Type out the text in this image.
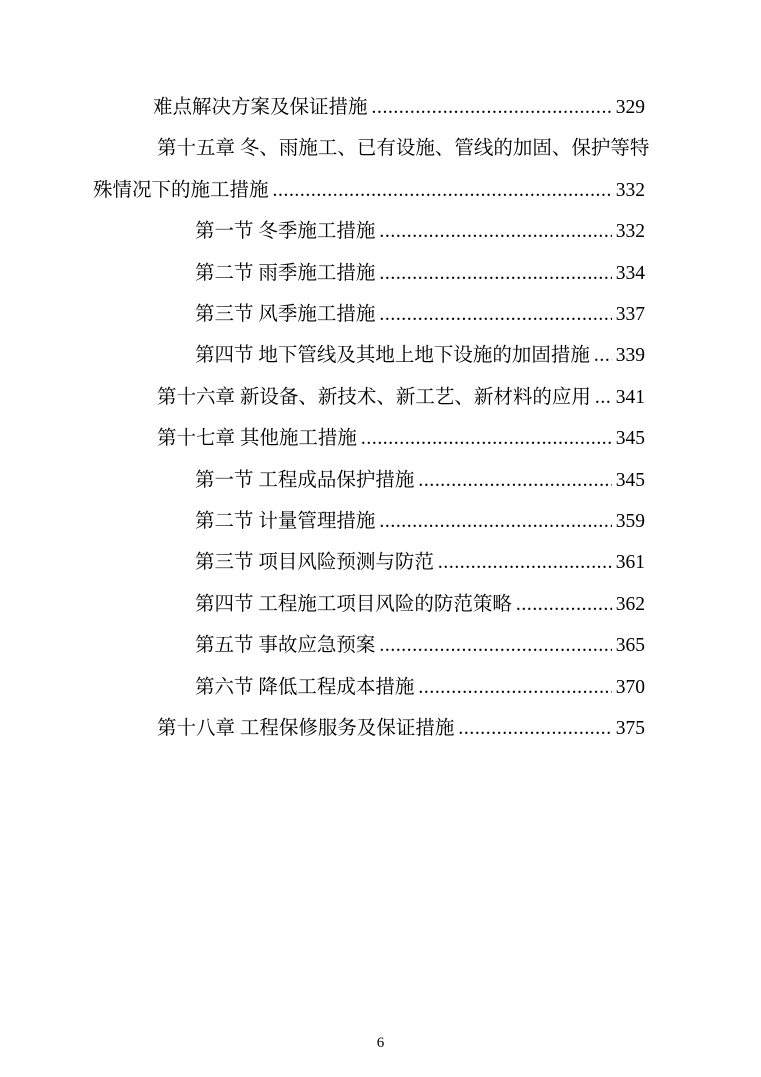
难点解决方案及保证措施 .....	329
第十五章 冬、雨施工、已有设施、管线的加固、保护等特
殊情况下的施工措施 .....	332
第一节 冬季施工措施 .....	332
第二节 雨季施工措施 .....	334
第三节 风季施工措施 .....	337
第四节 地下管线及其地上地下设施的加固措施 ..... 339
第十六章 新设备、新技术、新工艺、新材料的应用 ..... 341
第十七章 其他施工措施 .....	345
第一节 工程成品保护措施 .....	345
第二节 计量管理措施 .....	359
第三节 项目风险预测与防范 .....	361
第四节 工程施工项目风险的防范策略 .....	362
第五节 事故应急预案 .....	365
第六节 降低工程成本措施 .....	370
第十八章 工程保修服务及保证措施 .....	375
6
